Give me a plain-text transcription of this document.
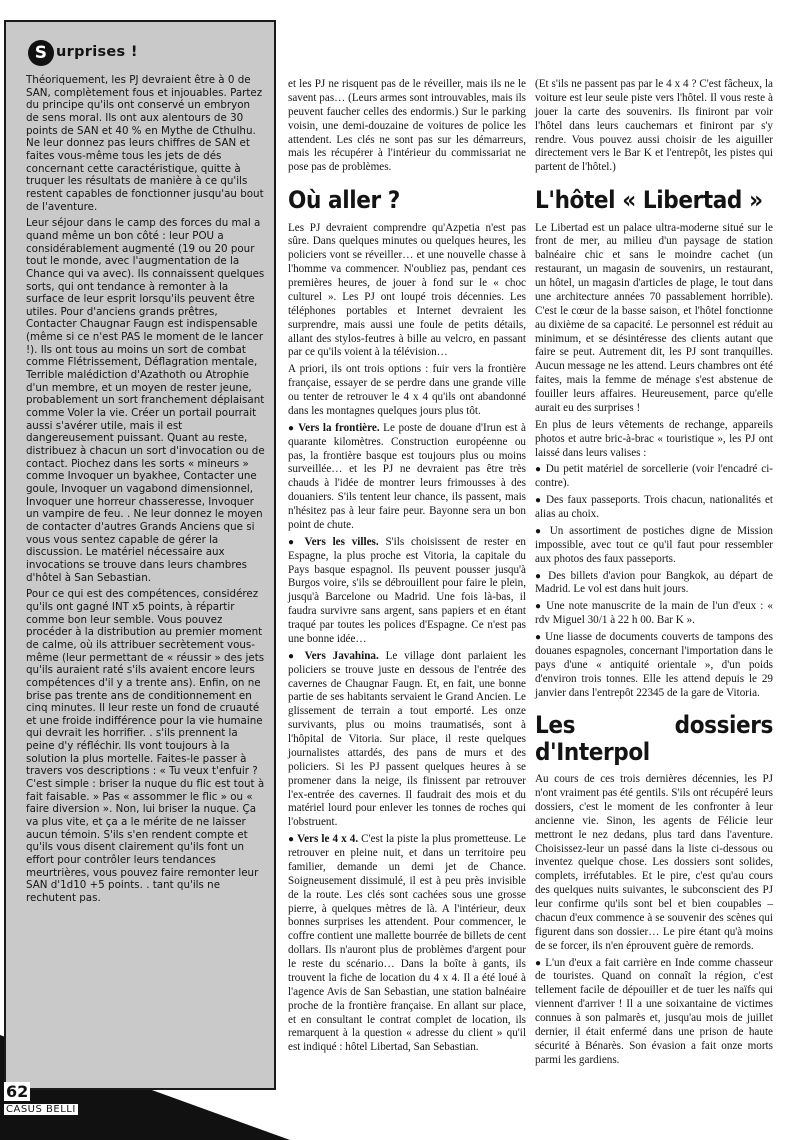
S urprises !

Théoriquement, les PJ devraient être à 0 de SAN, complètement fous et injouables. Partez du principe qu'ils ont conservé un embryon de sens moral. Ils ont aux alentours de 30 points de SAN et 40 % en Mythe de Cthulhu. Ne leur donnez pas leurs chiffres de SAN et faites vous-même tous les jets de dés concernant cette caractéristique, quitte à truquer les résultats de manière à ce qu'ils restent capables de fonctionner jusqu'au bout de l'aventure.

Leur séjour dans le camp des forces du mal a quand même un bon côté : leur POU a considérablement augmenté (19 ou 20 pour tout le monde, avec l'augmentation de la Chance qui va avec). Ils connaissent quelques sorts, qui ont tendance à remonter à la surface de leur esprit lorsqu'ils peuvent être utiles. Pour d'anciens grands prêtres, Contacter Chaugnar Faugn est indispensable (même si ce n'est PAS le moment de le lancer !). Ils ont tous au moins un sort de combat comme Flétrissement, Déflagration mentale, Terrible malédiction d'Azathoth ou Atrophie d'un membre, et un moyen de rester jeune, probablement un sort franchement déplaisant comme Voler la vie. Créer un portail pourrait aussi s'avérer utile, mais il est dangereusement puissant. Quant au reste, distribuez à chacun un sort d'invocation ou de contact. Piochez dans les sorts « mineurs » comme Invoquer un byakhee, Contacter une goule, Invoquer un vagabond dimensionnel, Invoquer une horreur chasseresse, Invoquer un vampire de feu. . Ne leur donnez le moyen de contacter d'autres Grands Anciens que si vous vous sentez capable de gérer la discussion. Le matériel nécessaire aux invocations se trouve dans leurs chambres d'hôtel à San Sebastian.

Pour ce qui est des compétences, considérez qu'ils ont gagné INT x5 points, à répartir comme bon leur semble. Vous pouvez procéder à la distribution au premier moment de calme, où ils attribuer secrètement vous-même (leur permettant de « réussir » des jets qu'ils auraient raté s'ils avaient encore leurs compétences d'il y a trente ans). Enfin, on ne brise pas trente ans de conditionnement en cinq minutes. Il leur reste un fond de cruauté et une froide indifférence pour la vie humaine qui devrait les horrifier. . s'ils prennent la peine d'y réfléchir. Ils vont toujours à la solution la plus mortelle. Faites-le passer à travers vos descriptions : « Tu veux t'enfuir ? C'est simple : briser la nuque du flic est tout à fait faisable. » Pas « assommer le flic » ou « faire diversion ». Non, lui briser la nuque. Ça va plus vite, et ça a le mérite de ne laisser aucun témoin. S'ils s'en rendent compte et qu'ils vous disent clairement qu'ils font un effort pour contrôler leurs tendances meurtrières, vous pouvez faire remonter leur SAN d'1d10 +5 points. . tant qu'ils ne rechutent pas.

62
CASUS BELLI

et les PJ ne risquent pas de le réveiller, mais ils ne le savent pas… (Leurs armes sont introuvables, mais ils peuvent faucher celles des endormis.) Sur le parking voisin, une demi-douzaine de voitures de police les attendent. Les clés ne sont pas sur les démarreurs, mais les récupérer à l'intérieur du commissariat ne pose pas de problèmes.

Où aller ?

Les PJ devraient comprendre qu'Azpetia n'est pas sûre. Dans quelques minutes ou quelques heures, les policiers vont se réveiller… et une nouvelle chasse à l'homme va commencer. N'oubliez pas, pendant ces premières heures, de jouer à fond sur le « choc culturel ». Les PJ ont loupé trois décennies. Les téléphones portables et Internet devraient les surprendre, mais aussi une foule de petits détails, allant des stylos-feutres à bille au velcro, en passant par ce qu'ils voient à la télévision…

A priori, ils ont trois options : fuir vers la frontière française, essayer de se perdre dans une grande ville ou tenter de retrouver le 4 x 4 qu'ils ont abandonné dans les montagnes quelques jours plus tôt.

● Vers la frontière. Le poste de douane d'Irun est à quarante kilomètres. Construction européenne ou pas, la frontière basque est toujours plus ou moins surveillée… et les PJ ne devraient pas être très chauds à l'idée de montrer leurs frimousses à des douaniers. S'ils tentent leur chance, ils passent, mais n'hésitez pas à leur faire peur. Bayonne sera un bon point de chute.

● Vers les villes. S'ils choisissent de rester en Espagne, la plus proche est Vitoria, la capitale du Pays basque espagnol. Ils peuvent pousser jusqu'à Burgos voire, s'ils se débrouillent pour faire le plein, jusqu'à Barcelone ou Madrid. Une fois là-bas, il faudra survivre sans argent, sans papiers et en étant traqué par toutes les polices d'Espagne. Ce n'est pas une bonne idée…

● Vers Javahina. Le village dont parlaient les policiers se trouve juste en dessous de l'entrée des cavernes de Chaugnar Faugn. Et, en fait, une bonne partie de ses habitants servaient le Grand Ancien. Le glissement de terrain a tout emporté. Les onze survivants, plus ou moins traumatisés, sont à l'hôpital de Vitoria. Sur place, il reste quelques journalistes attardés, des pans de murs et des policiers. Si les PJ passent quelques heures à se promener dans la neige, ils finissent par retrouver l'ex-entrée des cavernes. Il faudrait des mois et du matériel lourd pour enlever les tonnes de roches qui l'obstruent.

● Vers le 4 x 4. C'est la piste la plus prometteuse. Le retrouver en pleine nuit, et dans un territoire peu familier, demande un demi jet de Chance. Soigneusement dissimulé, il est à peu près invisible de la route. Les clés sont cachées sous une grosse pierre, à quelques mètres de là. A l'intérieur, deux bonnes surprises les attendent. Pour commencer, le coffre contient une mallette bourrée de billets de cent dollars. Ils n'auront plus de problèmes d'argent pour le reste du scénario… Dans la boîte à gants, ils trouvent la fiche de location du 4 x 4. Il a été loué à l'agence Avis de San Sebastian, une station balnéaire proche de la frontière française. En allant sur place, et en consultant le contrat complet de location, ils remarquent à la question « adresse du client » qu'il est indiqué : hôtel Libertad, San Sebastian.

(Et s'ils ne passent pas par le 4 x 4 ? C'est fâcheux, la voiture est leur seule piste vers l'hôtel. Il vous reste à jouer la carte des souvenirs. Ils finiront par voir l'hôtel dans leurs cauchemars et finiront par s'y rendre. Vous pouvez aussi choisir de les aiguiller directement vers le Bar K et l'entrepôt, les pistes qui partent de l'hôtel.)

L'hôtel « Libertad »

Le Libertad est un palace ultra-moderne situé sur le front de mer, au milieu d'un paysage de station balnéaire chic et sans le moindre cachet (un restaurant, un magasin de souvenirs, un restaurant, un hôtel, un magasin d'articles de plage, le tout dans une architecture années 70 passablement horrible). C'est le cœur de la basse saison, et l'hôtel fonctionne au dixième de sa capacité. Le personnel est réduit au minimum, et se désintéresse des clients autant que faire se peut. Autrement dit, les PJ sont tranquilles. Aucun message ne les attend. Leurs chambres ont été faites, mais la femme de ménage s'est abstenue de fouiller leurs affaires. Heureusement, parce qu'elle aurait eu des surprises !

En plus de leurs vêtements de rechange, appareils photos et autre bric-à-brac « touristique », les PJ ont laissé dans leurs valises :

● Du petit matériel de sorcellerie (voir l'encadré ci-contre).

● Des faux passeports. Trois chacun, nationalités et alias au choix.

● Un assortiment de postiches digne de Mission impossible, avec tout ce qu'il faut pour ressembler aux photos des faux passeports.

● Des billets d'avion pour Bangkok, au départ de Madrid. Le vol est dans huit jours.

● Une note manuscrite de la main de l'un d'eux : « rdv Miguel 30/1 à 22 h 00. Bar K ».

● Une liasse de documents couverts de tampons des douanes espagnoles, concernant l'importation dans le pays d'une « antiquité orientale », d'un poids d'environ trois tonnes. Elle les attend depuis le 29 janvier dans l'entrepôt 22345 de la gare de Vitoria.

Les dossiers d'Interpol

Au cours de ces trois dernières décennies, les PJ n'ont vraiment pas été gentils. S'ils ont récupéré leurs dossiers, c'est le moment de les confronter à leur ancienne vie. Sinon, les agents de Félicie leur mettront le nez dedans, plus tard dans l'aventure. Choisissez-leur un passé dans la liste ci-dessous ou inventez quelque chose. Les dossiers sont solides, complets, irréfutables. Et le pire, c'est qu'au cours des quelques nuits suivantes, le subconscient des PJ leur confirme qu'ils sont bel et bien coupables – chacun d'eux commence à se souvenir des scènes qui figurent dans son dossier… Le pire étant qu'à moins de se forcer, ils n'en éprouvent guère de remords.

● L'un d'eux a fait carrière en Inde comme chasseur de touristes. Quand on connaît la région, c'est tellement facile de dépouiller et de tuer les naïfs qui viennent d'arriver ! Il a une soixantaine de victimes connues à son palmarès et, jusqu'au mois de juillet dernier, il était enfermé dans une prison de haute sécurité à Bénarès. Son évasion a fait onze morts parmi les gardiens.
